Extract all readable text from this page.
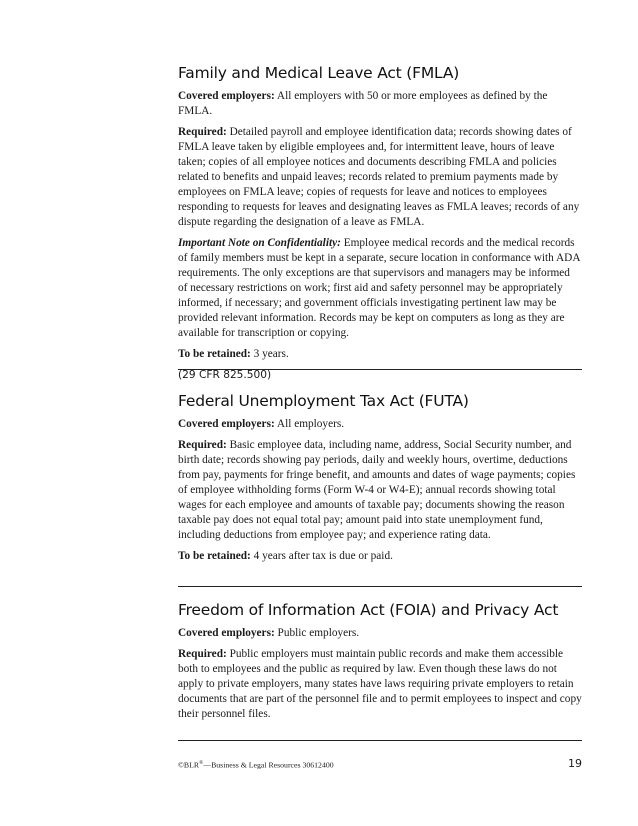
Family and Medical Leave Act (FMLA)

Covered employers: All employers with 50 or more employees as defined by the FMLA.

Required: Detailed payroll and employee identification data; records showing dates of FMLA leave taken by eligible employees and, for intermittent leave, hours of leave taken; copies of all employee notices and documents describing FMLA and policies related to benefits and unpaid leaves; records related to premium payments made by employees on FMLA leave; copies of requests for leave and notices to employees responding to requests for leaves and designating leaves as FMLA leaves; records of any dispute regarding the designation of a leave as FMLA.

Important Note on Confidentiality: Employee medical records and the medical records of family members must be kept in a separate, secure location in conformance with ADA requirements. The only exceptions are that supervisors and managers may be informed of necessary restrictions on work; first aid and safety personnel may be appropriately informed, if necessary; and government officials investigating pertinent law may be provided relevant information. Records may be kept on computers as long as they are available for transcription or copying.

To be retained: 3 years.

(29 CFR 825.500)

Federal Unemployment Tax Act (FUTA)

Covered employers: All employers.

Required: Basic employee data, including name, address, Social Security number, and birth date; records showing pay periods, daily and weekly hours, overtime, deductions from pay, payments for fringe benefit, and amounts and dates of wage payments; copies of employee withholding forms (Form W-4 or W4-E); annual records showing total wages for each employee and amounts of taxable pay; documents showing the reason taxable pay does not equal total pay; amount paid into state unemployment fund, including deductions from employee pay; and experience rating data.

To be retained: 4 years after tax is due or paid.

Freedom of Information Act (FOIA) and Privacy Act

Covered employers: Public employers.

Required: Public employers must maintain public records and make them accessible both to employees and the public as required by law. Even though these laws do not apply to private employers, many states have laws requiring private employers to retain documents that are part of the personnel file and to permit employees to inspect and copy their personnel files.

©BLR®—Business & Legal Resources 30612400	19
